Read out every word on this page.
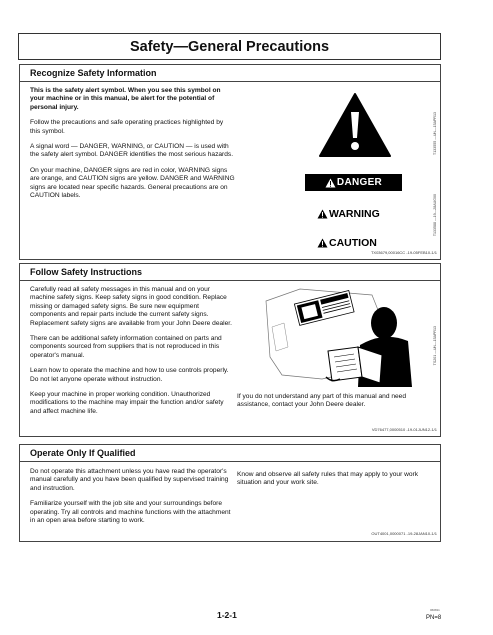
Safety—General Precautions
Recognize Safety Information

This is the safety alert symbol. When you see this symbol on your machine or in this manual, be alert for the potential of personal injury.

Follow the precautions and safe operating practices highlighted by this symbol.

A signal word — DANGER, WARNING, or CAUTION — is used with the safety alert symbol. DANGER identifies the most serious hazards.

On your machine, DANGER signs are red in color, WARNING signs are orange, and CAUTION signs are yellow. DANGER and WARNING signs are located near specific hazards. General precautions are on CAUTION labels.

T133555 —UN—15APR13
DANGER
WARNING
CAUTION
T133588 —19—28AUG00
TX03679,00016CC -19-05FEB10-1/1
Follow Safety Instructions

Carefully read all safety messages in this manual and on your machine safety signs. Keep safety signs in good condition. Replace missing or damaged safety signs. Be sure new equipment components and repair parts include the current safety signs. Replacement safety signs are available from your John Deere dealer.

There can be additional safety information contained on parts and components sourced from suppliers that is not reproduced in this operator's manual.

Learn how to operate the machine and how to use controls properly. Do not let anyone operate without instruction.

Keep your machine in proper working condition. Unauthorized modifications to the machine may impair the function and/or safety and affect machine life.

TS201 —UN—15APR13

If you do not understand any part of this manual and need assistance, contact your John Deere dealer.

VD76477,0000510 -19-01JUN12-1/1
Operate Only If Qualified

Do not operate this attachment unless you have read the operator's manual carefully and you have been qualified by supervised training and instruction.

Familiarize yourself with the job site and your surroundings before operating. Try all controls and machine functions with the attachment in an open area before starting to work.

Know and observe all safety rules that may apply to your work situation and your work site.

OUT4001,0000071 -19-28JAN10-1/1
1-2-1	060811
PN=8
